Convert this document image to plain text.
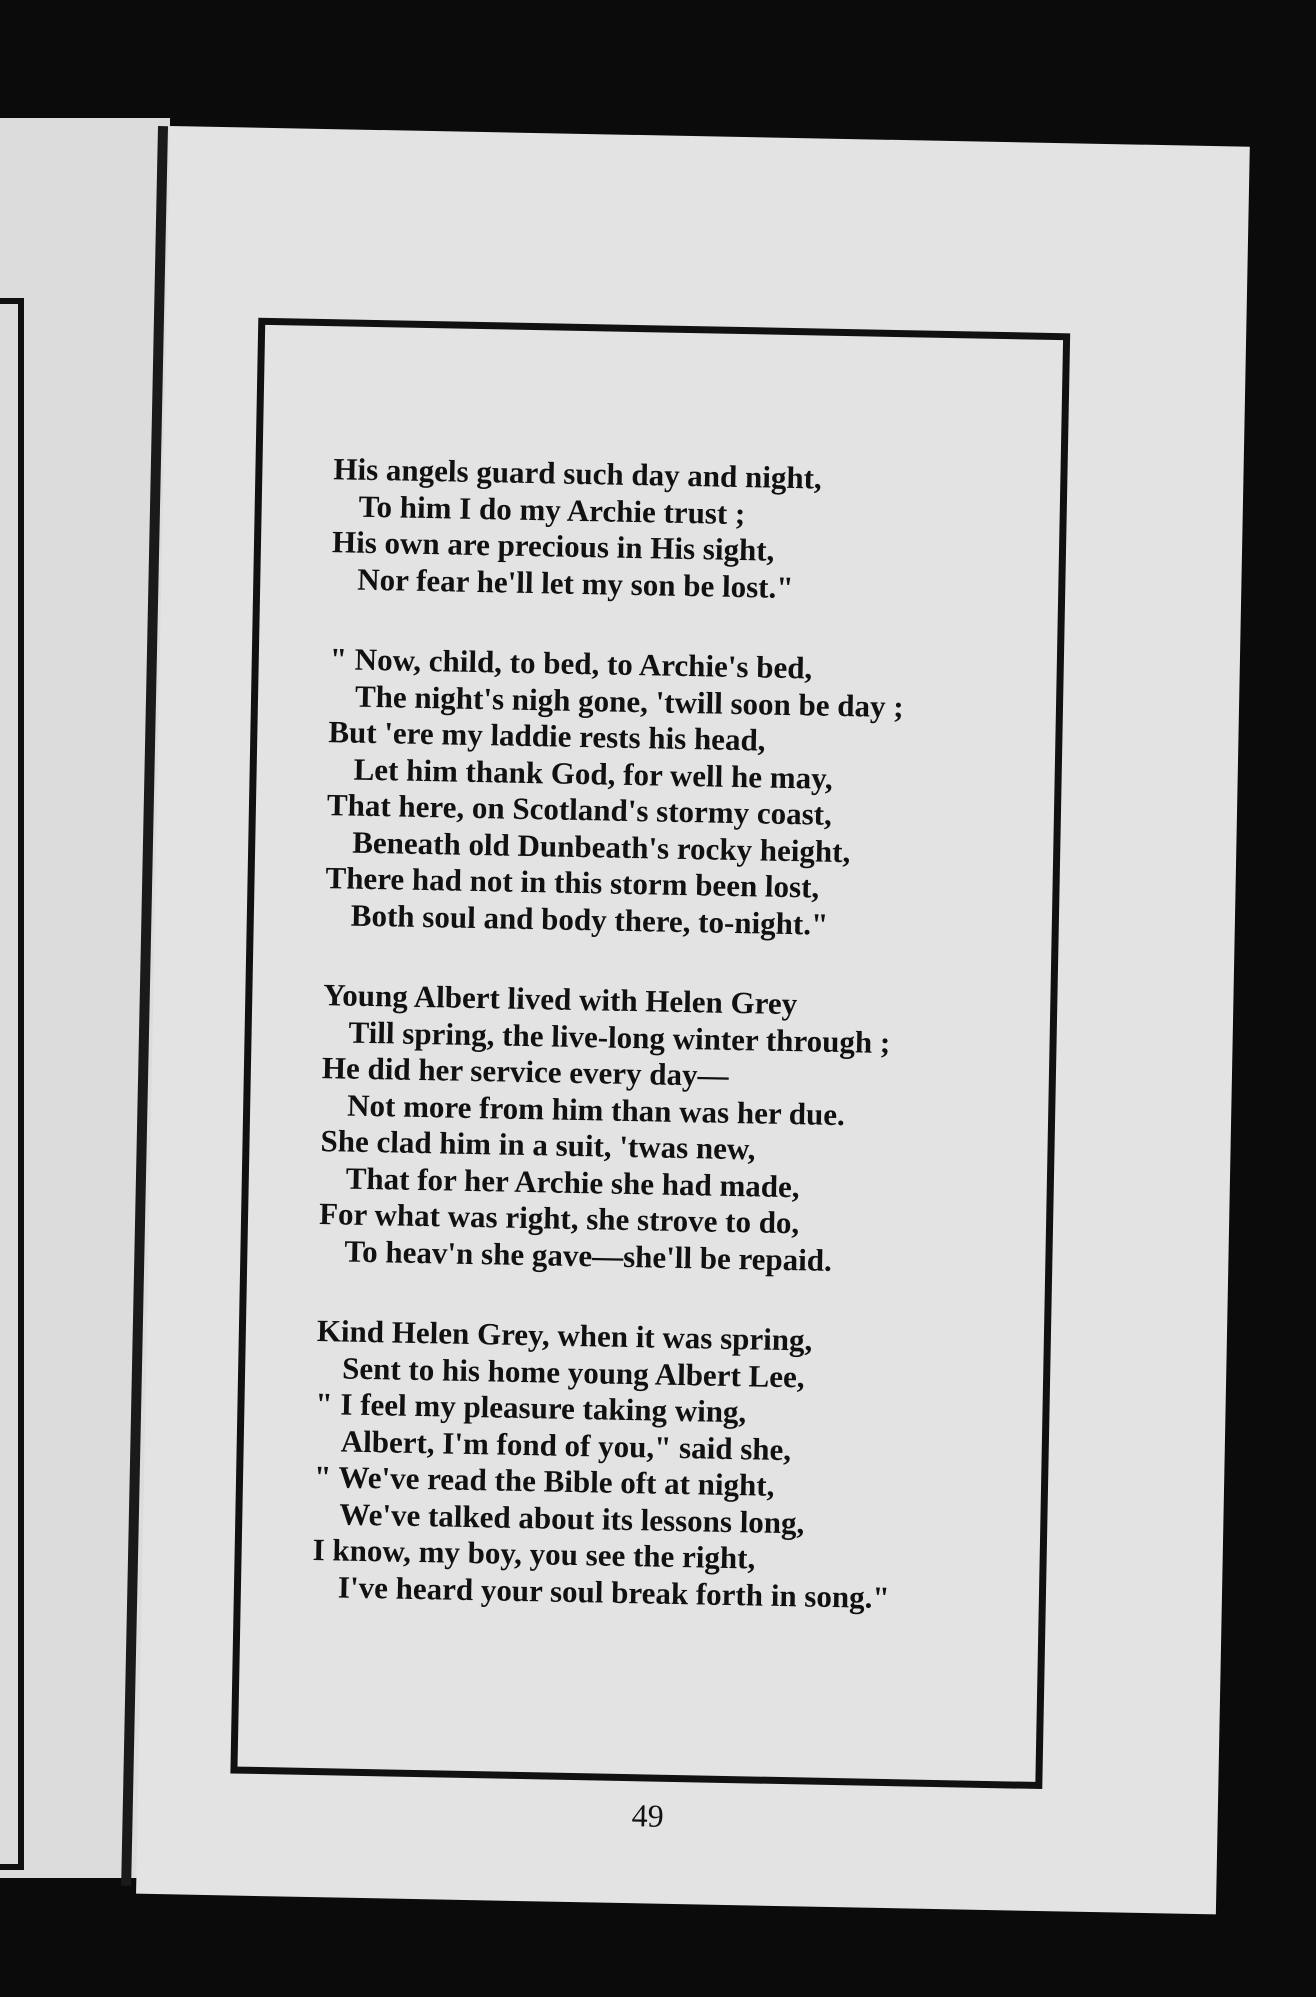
His angels guard such day and night,
To him I do my Archie trust ;
His own are precious in His sight,
Nor fear he'll let my son be lost."
" Now, child, to bed, to Archie's bed,
The night's nigh gone, 'twill soon be day ;
But 'ere my laddie rests his head,
Let him thank God, for well he may,
That here, on Scotland's stormy coast,
Beneath old Dunbeath's rocky height,
There had not in this storm been lost,
Both soul and body there, to-night."
Young Albert lived with Helen Grey
Till spring, the live-long winter through ;
He did her service every day—
Not more from him than was her due.
She clad him in a suit, 'twas new,
That for her Archie she had made,
For what was right, she strove to do,
To heav'n she gave—she'll be repaid.
Kind Helen Grey, when it was spring,
Sent to his home young Albert Lee,
" I feel my pleasure taking wing,
Albert, I'm fond of you," said she,
" We've read the Bible oft at night,
We've talked about its lessons long,
I know, my boy, you see the right,
I've heard your soul break forth in song."
49
